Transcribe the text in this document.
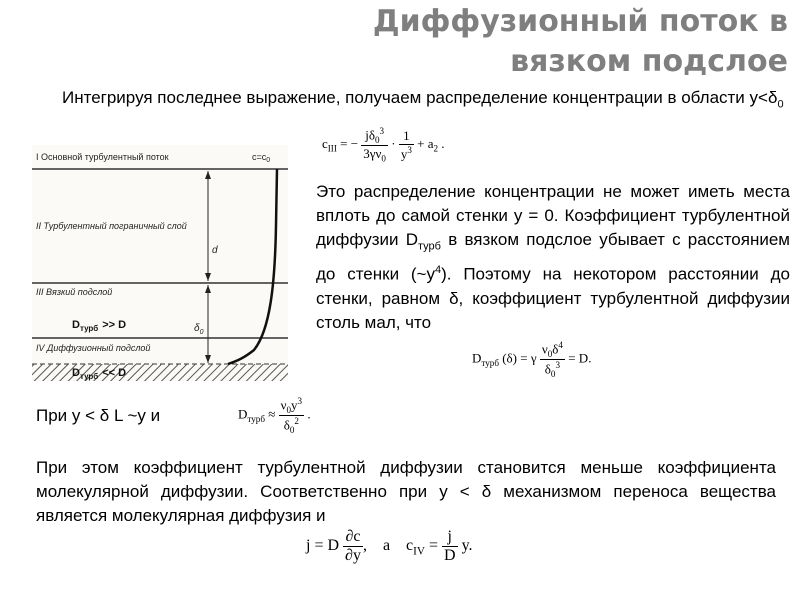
Диффузионный поток в
вязком подслое
Интегрируя последнее выражение, получаем распределение концентрации в области $y<\delta_0$
$c_{III}$ = − $\frac{j\delta_0^3}{3\gamma\nu_0} \cdot \frac{1}{y^3} + a_2$ .
I Основной турбулентный поток	$c=c_0$
II Турбулентный пограничный слой
d
$\delta_0$
III Вязкий подслой
$D_{турб} >> D$
IV Диффузионный подслой
$D_{турб} << D$
Это распределение концентрации не может иметь места вплоть до самой стенки у = 0. Коэффициент турбулентной диффузии $D_{турб}$ в вязком подслое убывает с расстоянием до стенки $(\sim у^4)$. Поэтому на некотором расстоянии до стенки, равном δ, коэффициент турбулентной диффузии столь мал, что
$D_{турб}$ (δ) = γ $\frac{\nu_0\delta^4}{\delta_0^3} = D$.
При у < δ L ~у и	$D_{турб} \approx \frac{\nu_0y^3}{\delta_0^2}$ .
При этом коэффициент турбулентной диффузии становится меньше коэффициента молекулярной диффузии. Соответственно при у < δ механизмом переноса вещества является молекулярная диффузия и
j = D $\frac{\partial c}{\partial y}$ , а $c_{IV} = \frac{j}{D} y$.
